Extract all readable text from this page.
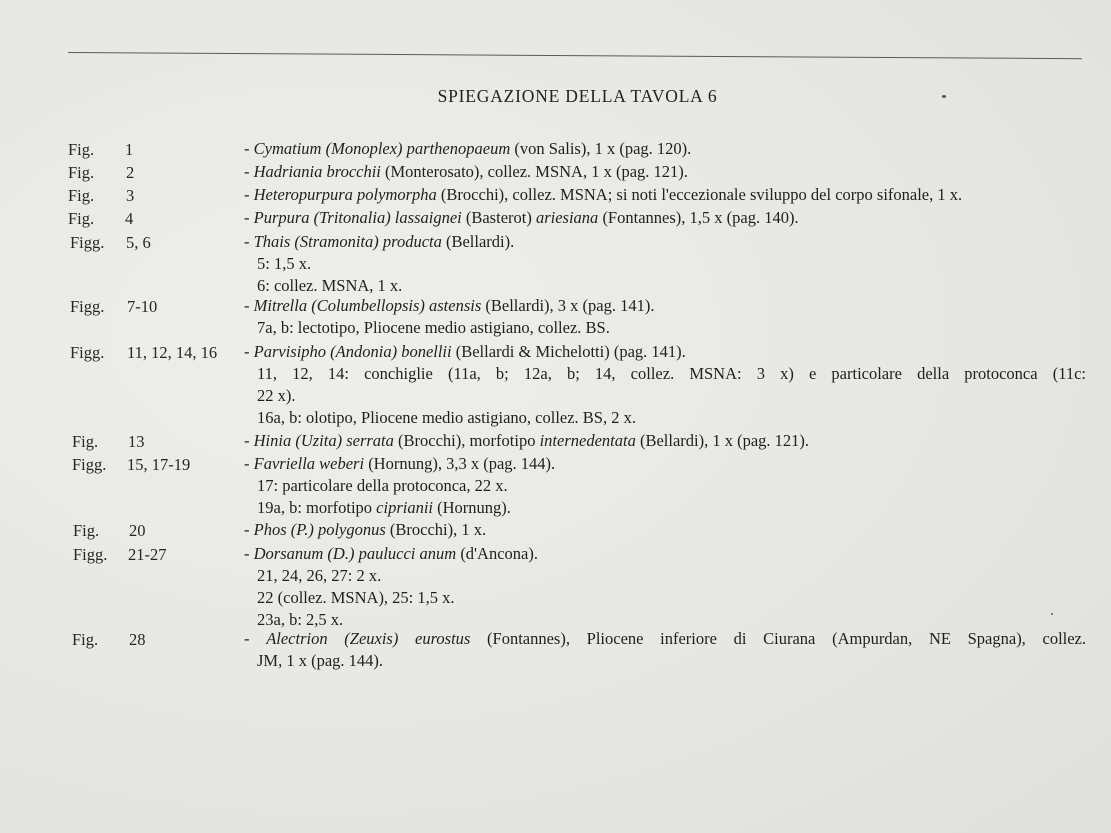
SPIEGAZIONE DELLA TAVOLA 6
Fig. 1	- Cymatium (Monoplex) parthenopaeum (von Salis), 1 x (pag. 120).
Fig. 2	- Hadriania brocchii (Monterosato), collez. MSNA, 1 x (pag. 121).
Fig. 3	- Heteropurpura polymorpha (Brocchi), collez. MSNA; si noti l'eccezionale sviluppo del corpo sifonale, 1 x.
Fig. 4	- Purpura (Tritonalia) lassaignei (Basterot) ariesiana (Fontannes), 1,5 x (pag. 140).
Figg. 5, 6	- Thais (Stramonita) producta (Bellardi).
5: 1,5 x.
6: collez. MSNA, 1 x.
Figg. 7-10	- Mitrella (Columbellopsis) astensis (Bellardi), 3 x (pag. 141).
7a, b: lectotipo, Pliocene medio astigiano, collez. BS.
Figg. 11, 12, 14, 16 - Parvisipho (Andonia) bonellii (Bellardi & Michelotti) (pag. 141).
11, 12, 14: conchiglie (11a, b; 12a, b; 14, collez. MSNA: 3 x) e particolare della protoconca (11c:
22 x).
16a, b: olotipo, Pliocene medio astigiano, collez. BS, 2 x.
Fig. 13	- Hinia (Uzita) serrata (Brocchi), morfotipo internedentata (Bellardi), 1 x (pag. 121).
Figg. 15, 17-19	- Favriella weberi (Hornung), 3,3 x (pag. 144).
17: particolare della protoconca, 22 x.
19a, b: morfotipo ciprianii (Hornung).
Fig. 20	- Phos (P.) polygonus (Brocchi), 1 x.
Figg. 21-27	- Dorsanum (D.) paulucci anum (d'Ancona).
21, 24, 26, 27: 2 x.
22 (collez. MSNA), 25: 1,5 x.
23a, b: 2,5 x.
Fig. 28	- Alectrion (Zeuxis) eurostus (Fontannes), Pliocene inferiore di Ciurana (Ampurdan, NE Spagna), collez.
JM, 1 x (pag. 144).
